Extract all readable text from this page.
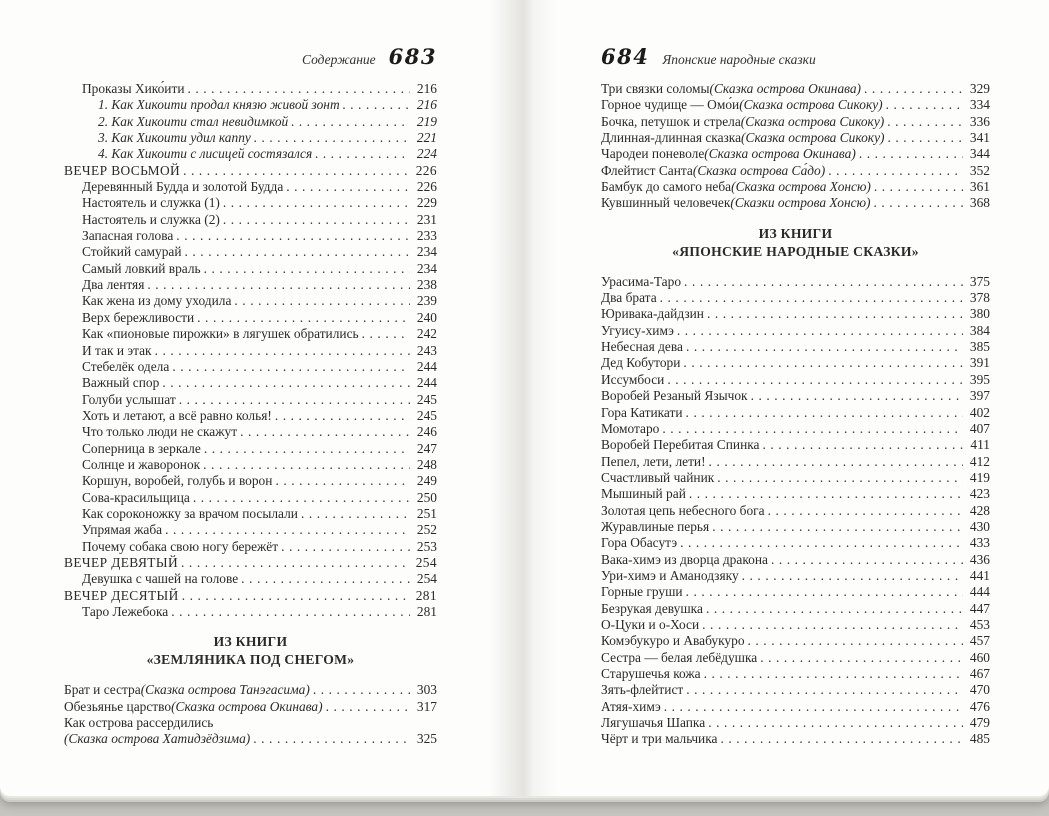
Содержание 683
Проказы Хико́ити . . .	216
1. Как Хикоити продал князю живой зонт . . .	216
2. Как Хикоити стал невидимкой . . .	219
3. Как Хикоити удил каппу . . .	221
4. Как Хикоити с лисицей состязался . . .	224
ВЕЧЕР ВОСЬМОЙ . . .	226
Деревянный Будда и золотой Будда . . .	226
Настоятель и служка (1) . . .	229
Настоятель и служка (2) . . .	231
Запасная голова . . .	233
Стойкий самурай . . .	234
Самый ловкий враль . . .	234
Два лентяя . . .	238
Как жена из дому уходила . . .	239
Верх бережливости . . .	240
Как «пионовые пирожки» в лягушек обратились . . .	242
И так и этак . . .	243
Стебелёк одела . . .	244
Важный спор . . .	244
Голуби услышат . . .	245
Хоть и летают, а всё равно колья! . . .	245
Что только люди не скажут . . .	246
Соперница в зеркале . . .	247
Солнце и жаворонок . . .	248
Коршун, воробей, голубь и ворон . . .	249
Сова-красильщица . . .	250
Как сороконожку за врачом посылали . . .	251
Упрямая жаба . . .	252
Почему собака свою ногу бережёт . . .	253
ВЕЧЕР ДЕВЯТЫЙ . . .	254
Девушка с чашей на голове . . .	254
ВЕЧЕР ДЕСЯТЫЙ . . .	281
Таро Лежебока . . .	281
ИЗ КНИГИ
«ЗЕМЛЯНИКА ПОД СНЕГОМ»
Брат и сестра (Сказка острова Танэгасима) . . .	303
Обезьянье царство (Сказка острова Окинава) . . .	317
Как острова рассердились
(Сказка острова Хатидзёдзима) . . .	325
684 Японские народные сказки
Три связки соломы (Сказка острова Окинава) . . .	329
Горное чудище — Омо́и (Сказка острова Сикоку) . . .	334
Бочка, петушок и стрела (Сказка острова Сикоку) . . .	336
Длинная-длинная сказка (Сказка острова Сикоку) . . .	341
Чародеи поневоле (Сказка острова Окинава) . . .	344
Флейтист Санта (Сказка острова Са́до) . . .	352
Бамбук до самого неба (Сказка острова Хонсю) . . .	361
Кувшинный человечек (Сказки острова Хонсю) . . .	368
ИЗ КНИГИ
«ЯПОНСКИЕ НАРОДНЫЕ СКАЗКИ»
Урасима-Таро . . .	375
Два брата . . .	378
Юривака-дайдзин . . .	380
Угуису-химэ . . .	384
Небесная дева . . .	385
Дед Кобутори . . .	391
Иссумбоси . . .	395
Воробей Резаный Язычок . . .	397
Гора Катикати . . .	402
Момотаро . . .	407
Воробей Перебитая Спинка . . .	411
Пепел, лети, лети! . . .	412
Счастливый чайник . . .	419
Мышиный рай . . .	423
Золотая цепь небесного бога . . .	428
Журавлиные перья . . .	430
Гора Обасутэ . . .	433
Вака-химэ из дворца дракона . . .	436
Ури-химэ и Аманодзяку . . .	441
Горные груши . . .	444
Безрукая девушка . . .	447
О-Цуки и о-Хоси . . .	453
Комэбукуро и Авабукуро . . .	457
Сестра — белая лебёдушка . . .	460
Старушечья кожа . . .	467
Зять-флейтист . . .	470
Атяя-химэ . . .	476
Лягушачья Шапка . . .	479
Чёрт и три мальчика . . .	485
